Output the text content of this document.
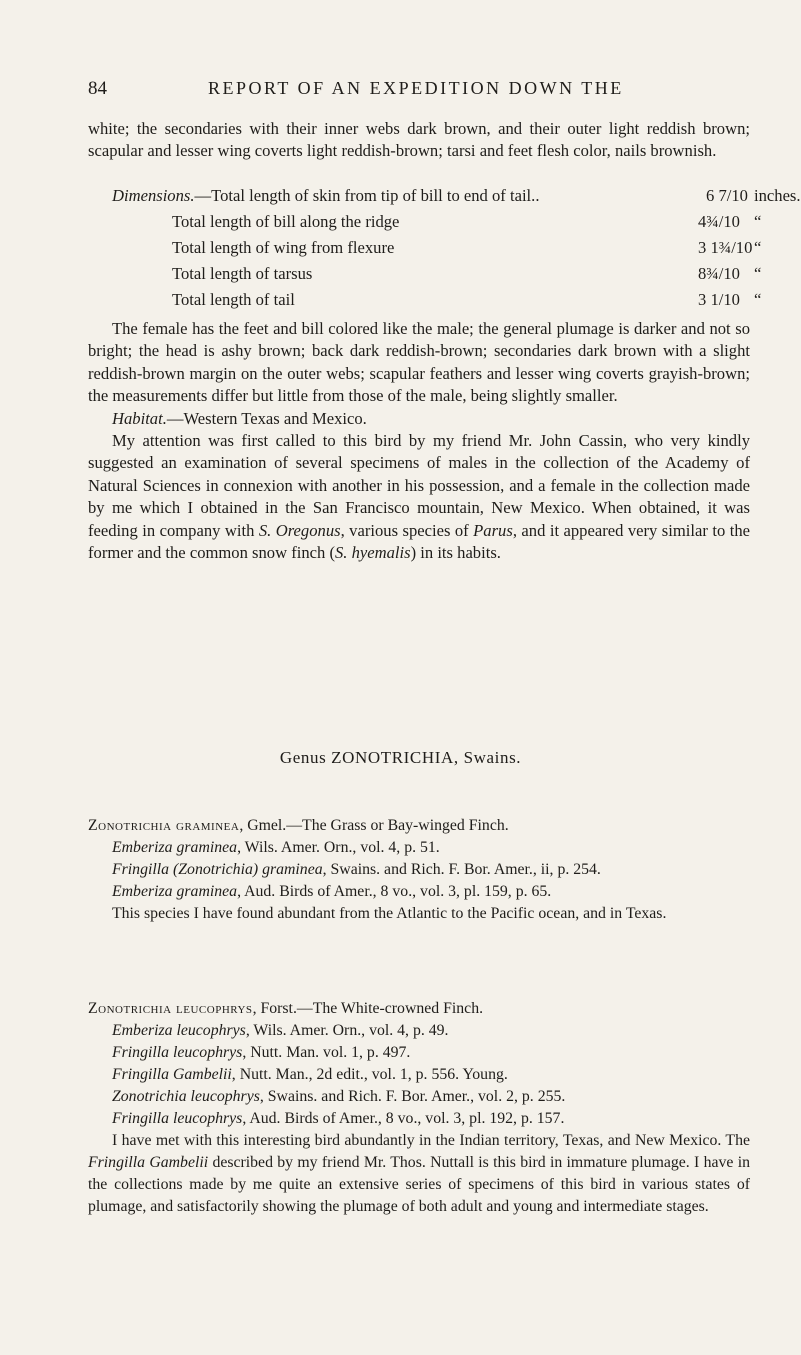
84	REPORT OF AN EXPEDITION DOWN THE

white; the secondaries with their inner webs dark brown, and their outer light reddish brown; scapular and lesser wing coverts light reddish-brown; tarsi and feet flesh color, nails brownish.

Dimensions.—Total length of skin from tip of bill to end of tail..	6 7/10 inches.
Total length of bill along the ridge	4¾/10 “
Total length of wing from flexure	3 1¾/10 “
Total length of tarsus	8¾/10 “
Total length of tail	3 1/10 “

The female has the feet and bill colored like the male; the general plumage is darker and not so bright; the head is ashy brown; back dark reddish-brown; secondaries dark brown with a slight reddish-brown margin on the outer webs; scapular feathers and lesser wing coverts grayish-brown; the measurements differ but little from those of the male, being slightly smaller.

Habitat.—Western Texas and Mexico.

My attention was first called to this bird by my friend Mr. John Cassin, who very kindly suggested an examination of several specimens of males in the collection of the Academy of Natural Sciences in connexion with another in his possession, and a female in the collection made by me which I obtained in the San Francisco mountain, New Mexico. When obtained, it was feeding in company with S. Oregonus, various species of Parus, and it appeared very similar to the former and the common snow finch (S. hyemalis) in its habits.

Genus ZONOTRICHIA, Swains.

Zonotrichia graminea, Gmel.—The Grass or Bay-winged Finch.

Emberiza graminea, Wils. Amer. Orn., vol. 4, p. 51.

Fringilla (Zonotrichia) graminea, Swains. and Rich. F. Bor. Amer., ii, p. 254.

Emberiza graminea, Aud. Birds of Amer., 8 vo., vol. 3, pl. 159, p. 65.

This species I have found abundant from the Atlantic to the Pacific ocean, and in Texas.

Zonotrichia leucophrys, Forst.—The White-crowned Finch.

Emberiza leucophrys, Wils. Amer. Orn., vol. 4, p. 49.

Fringilla leucophrys, Nutt. Man. vol. 1, p. 497.

Fringilla Gambelii, Nutt. Man., 2d edit., vol. 1, p. 556. Young.

Zonotrichia leucophrys, Swains. and Rich. F. Bor. Amer., vol. 2, p. 255.

Fringilla leucophrys, Aud. Birds of Amer., 8 vo., vol. 3, pl. 192, p. 157.

I have met with this interesting bird abundantly in the Indian territory, Texas, and New Mexico. The Fringilla Gambelii described by my friend Mr. Thos. Nuttall is this bird in immature plumage. I have in the collections made by me quite an extensive series of specimens of this bird in various states of plumage, and satisfactorily showing the plumage of both adult and young and intermediate stages.
